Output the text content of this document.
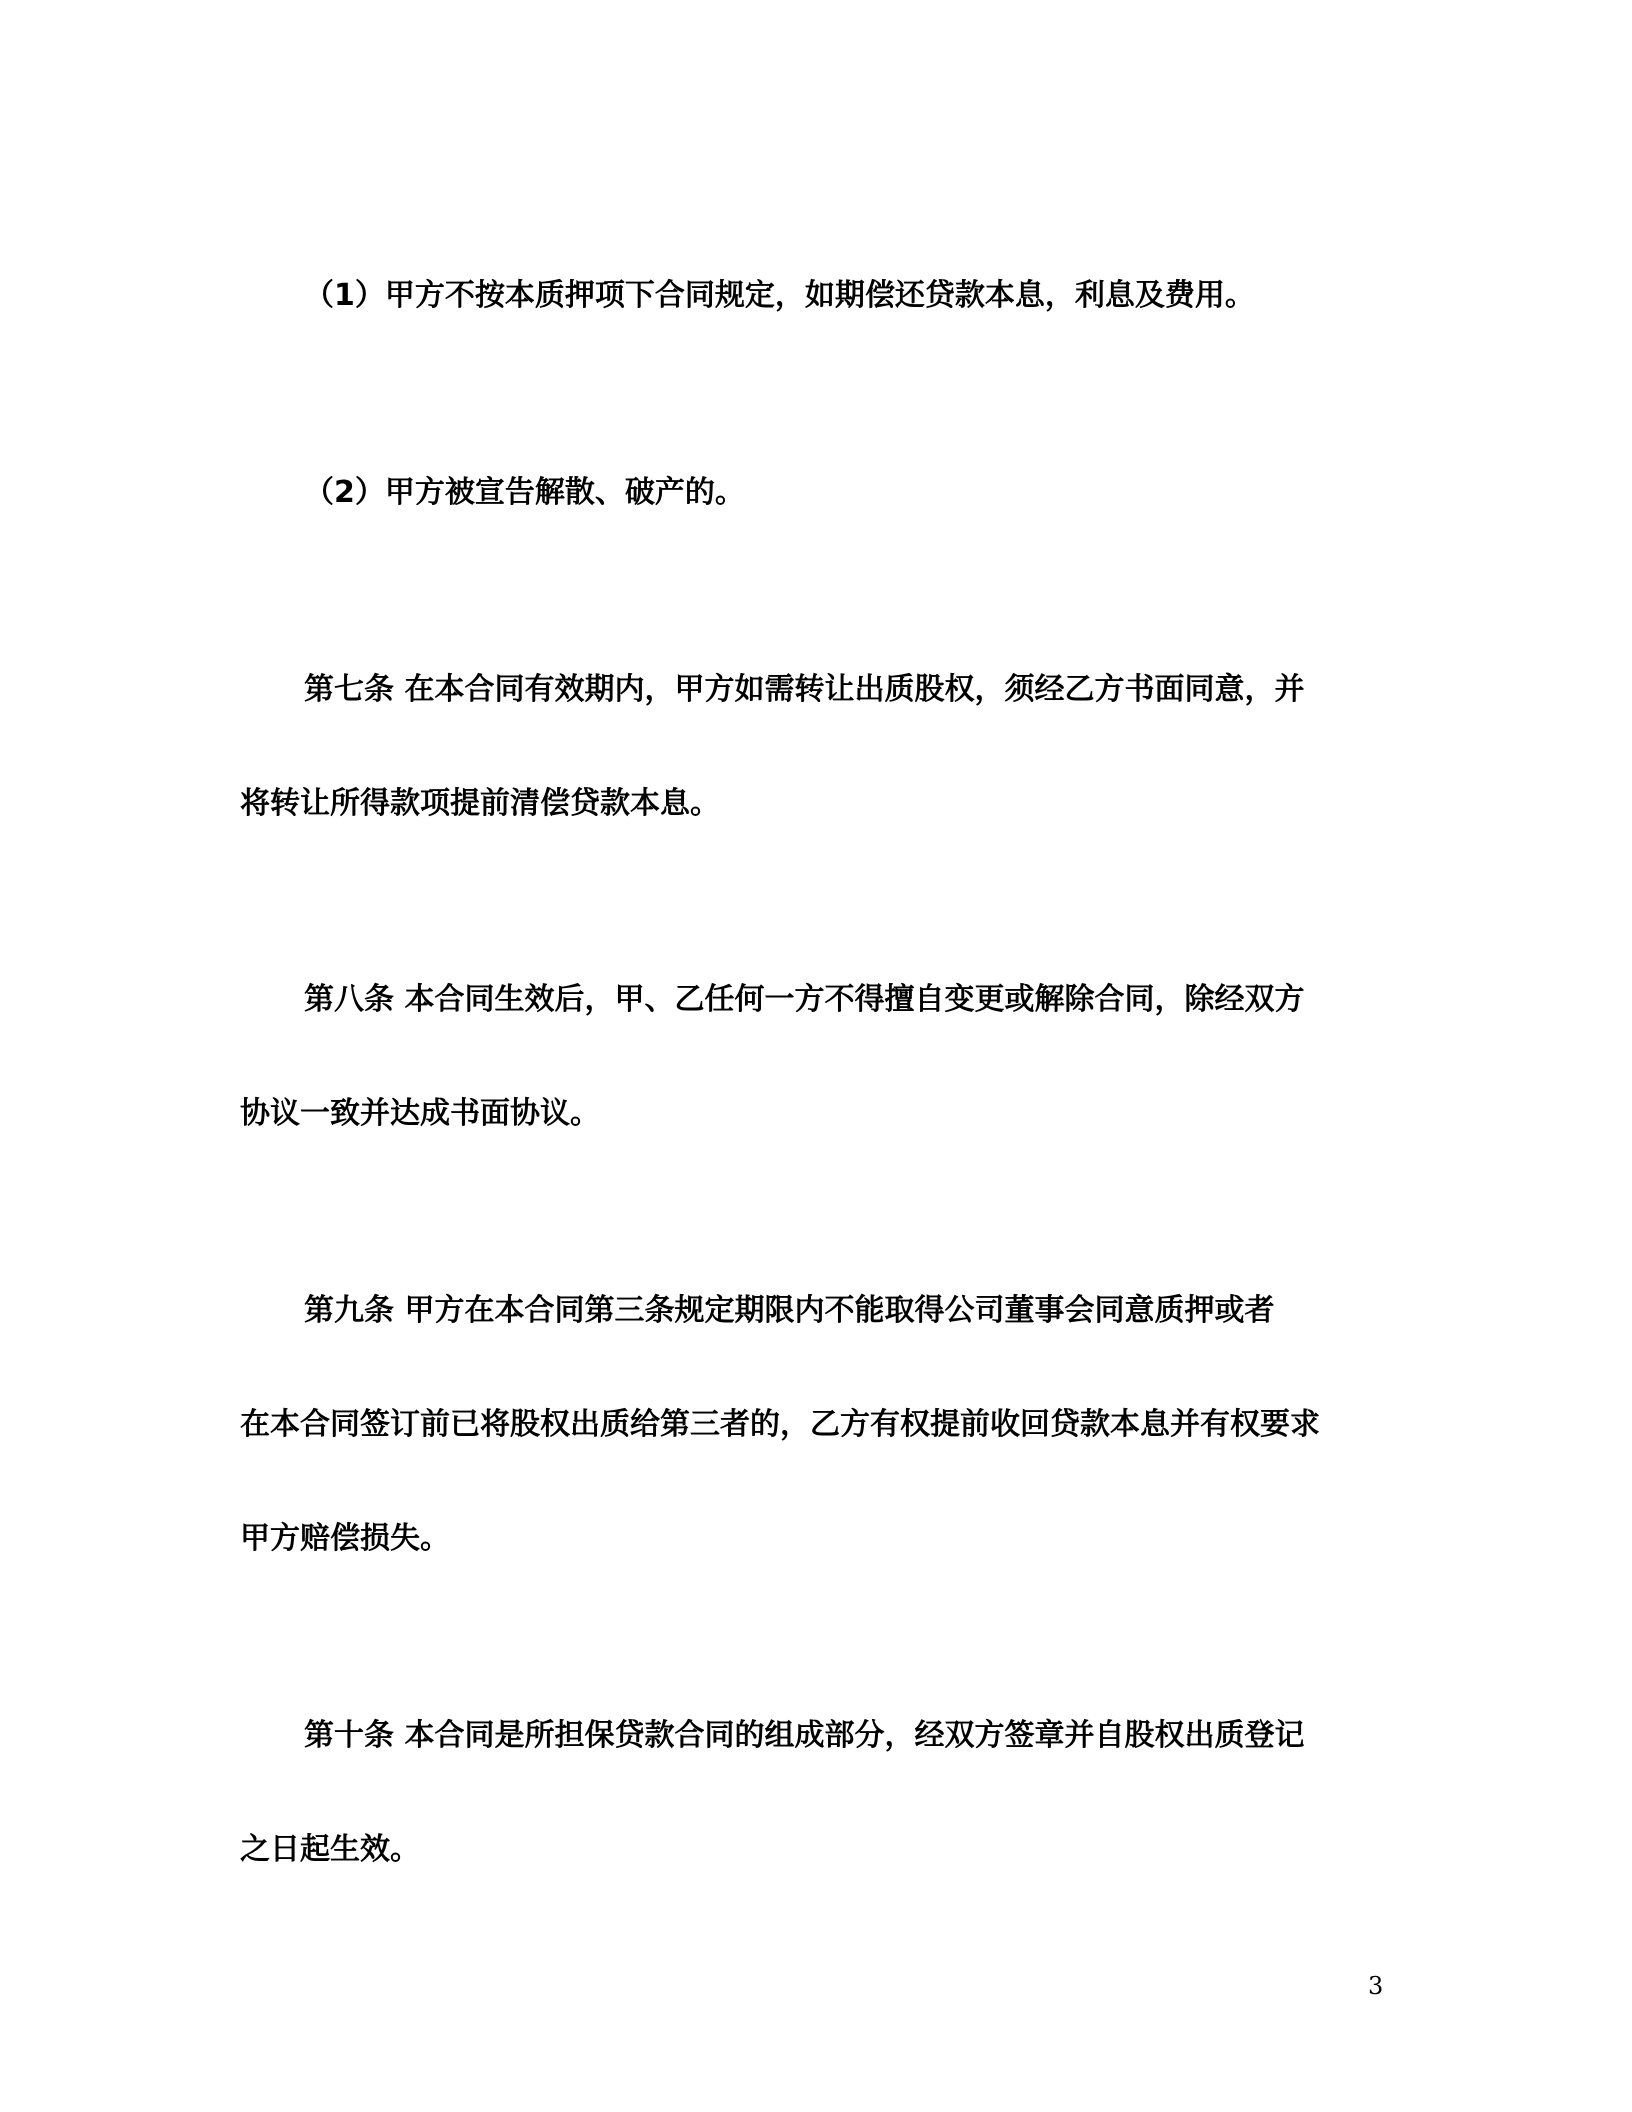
（1）甲方不按本质押项下合同规定，如期偿还贷款本息，利息及费用。
（2）甲方被宣告解散、破产的。
第七条 在本合同有效期内，甲方如需转让出质股权，须经乙方书面同意，并
将转让所得款项提前清偿贷款本息。
第八条 本合同生效后，甲、乙任何一方不得擅自变更或解除合同，除经双方
协议一致并达成书面协议。
第九条 甲方在本合同第三条规定期限内不能取得公司董事会同意质押或者
在本合同签订前已将股权出质给第三者的，乙方有权提前收回贷款本息并有权要求
甲方赔偿损失。
第十条 本合同是所担保贷款合同的组成部分，经双方签章并自股权出质登记
之日起生效。
3
